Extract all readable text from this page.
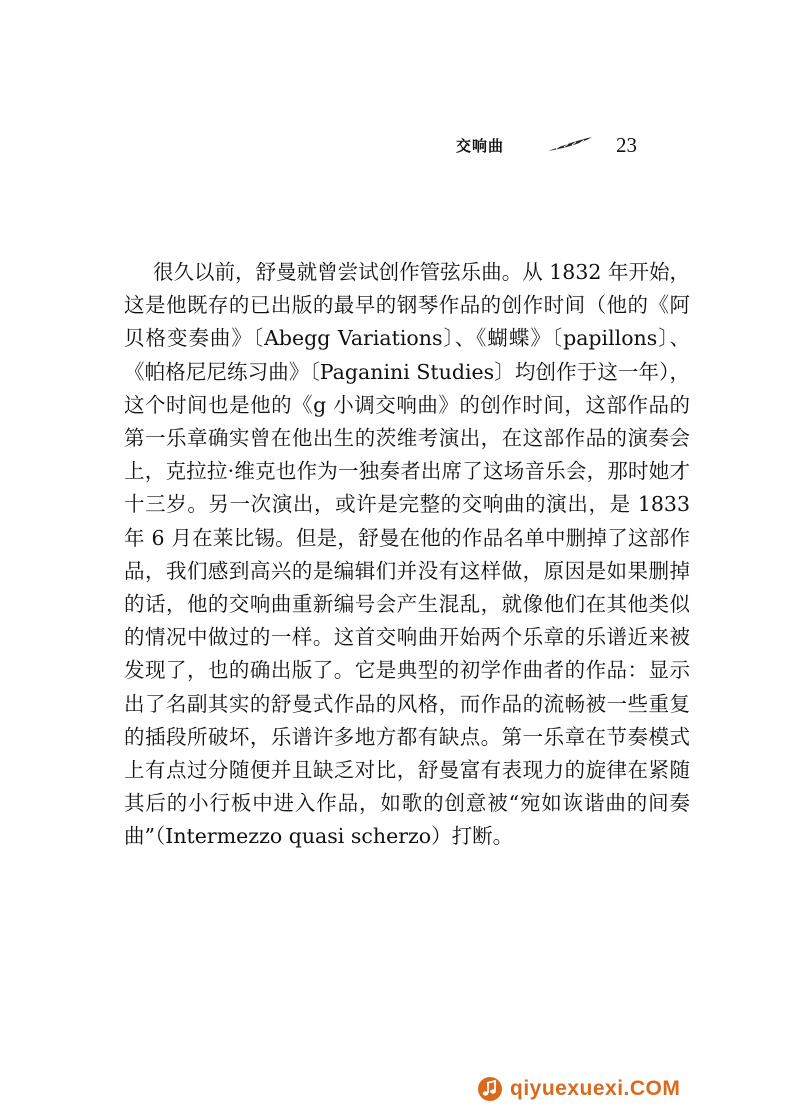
交响曲	23

很久以前，舒曼就曾尝试创作管弦乐曲。从 1832 年开始，这是他既存的已出版的最早的钢琴作品的创作时间（他的《阿贝格变奏曲》〔Abegg Variations〕、《蝴蝶》〔papillons〕、《帕格尼尼练习曲》〔Paganini Studies〕均创作于这一年），这个时间也是他的《g 小调交响曲》的创作时间，这部作品的第一乐章确实曾在他出生的茨维考演出，在这部作品的演奏会上，克拉拉·维克也作为一独奏者出席了这场音乐会，那时她才十三岁。另一次演出，或许是完整的交响曲的演出，是 1833 年 6 月在莱比锡。但是，舒曼在他的作品名单中删掉了这部作品，我们感到高兴的是编辑们并没有这样做，原因是如果删掉的话，他的交响曲重新编号会产生混乱，就像他们在其他类似的情况中做过的一样。这首交响曲开始两个乐章的乐谱近来被发现了，也的确出版了。它是典型的初学作曲者的作品：显示出了名副其实的舒曼式作品的风格，而作品的流畅被一些重复的插段所破坏，乐谱许多地方都有缺点。第一乐章在节奏模式上有点过分随便并且缺乏对比，舒曼富有表现力的旋律在紧随其后的小行板中进入作品，如歌的创意被“宛如诙谐曲的间奏曲”（Intermezzo quasi scherzo）打断。

qiyuexuexi.COM
